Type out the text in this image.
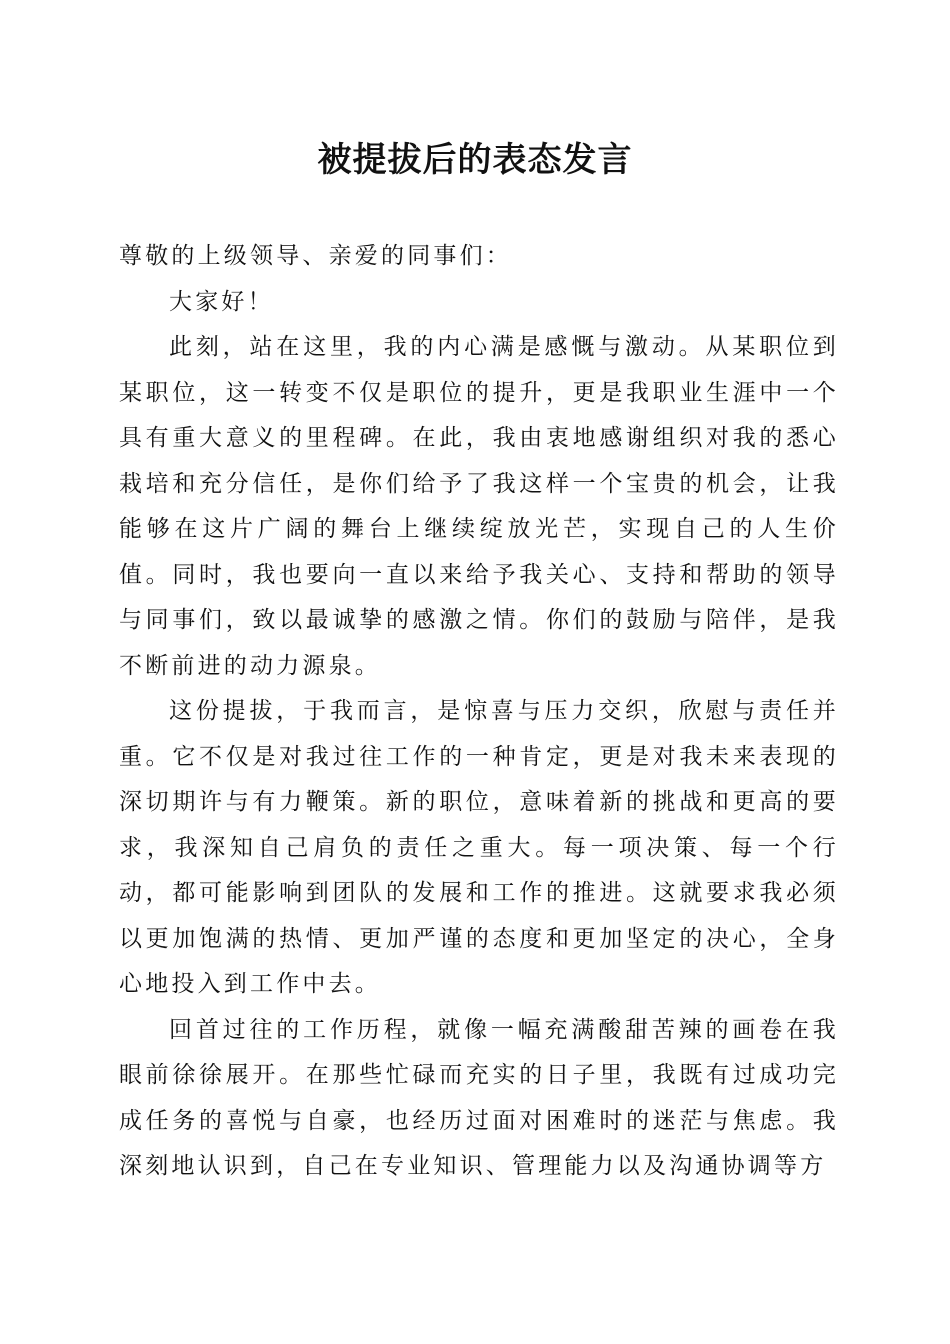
被提拔后的表态发言

尊敬的上级领导、亲爱的同事们：

大家好！

此刻，站在这里，我的内心满是感慨与激动。从某职位到某职位，这一转变不仅是职位的提升，更是我职业生涯中一个具有重大意义的里程碑。在此，我由衷地感谢组织对我的悉心栽培和充分信任，是你们给予了我这样一个宝贵的机会，让我能够在这片广阔的舞台上继续绽放光芒，实现自己的人生价值。同时，我也要向一直以来给予我关心、支持和帮助的领导与同事们，致以最诚挚的感激之情。你们的鼓励与陪伴，是我不断前进的动力源泉。

这份提拔，于我而言，是惊喜与压力交织，欣慰与责任并重。它不仅是对我过往工作的一种肯定，更是对我未来表现的深切期许与有力鞭策。新的职位，意味着新的挑战和更高的要求，我深知自己肩负的责任之重大。每一项决策、每一个行动，都可能影响到团队的发展和工作的推进。这就要求我必须以更加饱满的热情、更加严谨的态度和更加坚定的决心，全身心地投入到工作中去。

回首过往的工作历程，就像一幅充满酸甜苦辣的画卷在我眼前徐徐展开。在那些忙碌而充实的日子里，我既有过成功完成任务的喜悦与自豪，也经历过面对困难时的迷茫与焦虑。我深刻地认识到，自己在专业知识、管理能力以及沟通协调等方
